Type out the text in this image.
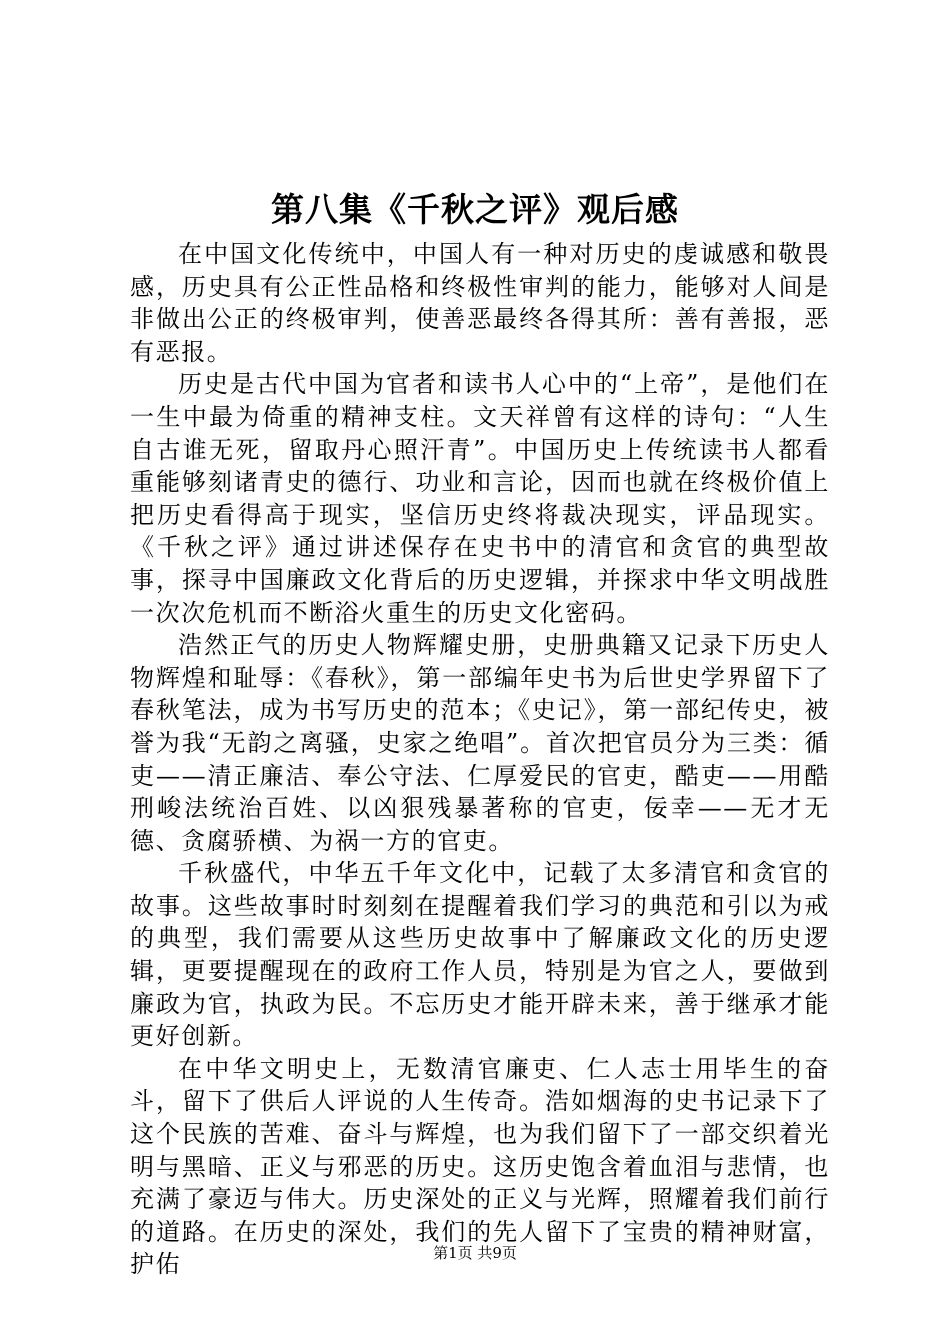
第八集《千秋之评》观后感

在中国文化传统中，中国人有一种对历史的虔诚感和敬畏感，历史具有公正性品格和终极性审判的能力，能够对人间是非做出公正的终极审判，使善恶最终各得其所：善有善报，恶有恶报。

历史是古代中国为官者和读书人心中的“上帝”，是他们在一生中最为倚重的精神支柱。文天祥曾有这样的诗句：“人生自古谁无死，留取丹心照汗青”。中国历史上传统读书人都看重能够刻诸青史的德行、功业和言论，因而也就在终极价值上把历史看得高于现实，坚信历史终将裁决现实，评品现实。《千秋之评》通过讲述保存在史书中的清官和贪官的典型故事，探寻中国廉政文化背后的历史逻辑，并探求中华文明战胜一次次危机而不断浴火重生的历史文化密码。

浩然正气的历史人物辉耀史册，史册典籍又记录下历史人物辉煌和耻辱：《春秋》，第一部编年史书为后世史学界留下了春秋笔法，成为书写历史的范本；《史记》，第一部纪传史，被誉为我“无韵之离骚，史家之绝唱”。首次把官员分为三类：循吏——清正廉洁、奉公守法、仁厚爱民的官吏，酷吏——用酷刑峻法统治百姓、以凶狠残暴著称的官吏，佞幸——无才无德、贪腐骄横、为祸一方的官吏。

千秋盛代，中华五千年文化中，记载了太多清官和贪官的故事。这些故事时时刻刻在提醒着我们学习的典范和引以为戒的典型，我们需要从这些历史故事中了解廉政文化的历史逻辑，更要提醒现在的政府工作人员，特别是为官之人，要做到廉政为官，执政为民。不忘历史才能开辟未来，善于继承才能更好创新。

在中华文明史上，无数清官廉吏、仁人志士用毕生的奋斗，留下了供后人评说的人生传奇。浩如烟海的史书记录下了这个民族的苦难、奋斗与辉煌，也为我们留下了一部交织着光明与黑暗、正义与邪恶的历史。这历史饱含着血泪与悲情，也充满了豪迈与伟大。历史深处的正义与光辉，照耀着我们前行的道路。在历史的深处，我们的先人留下了宝贵的精神财富，护佑	第1页 共9页
